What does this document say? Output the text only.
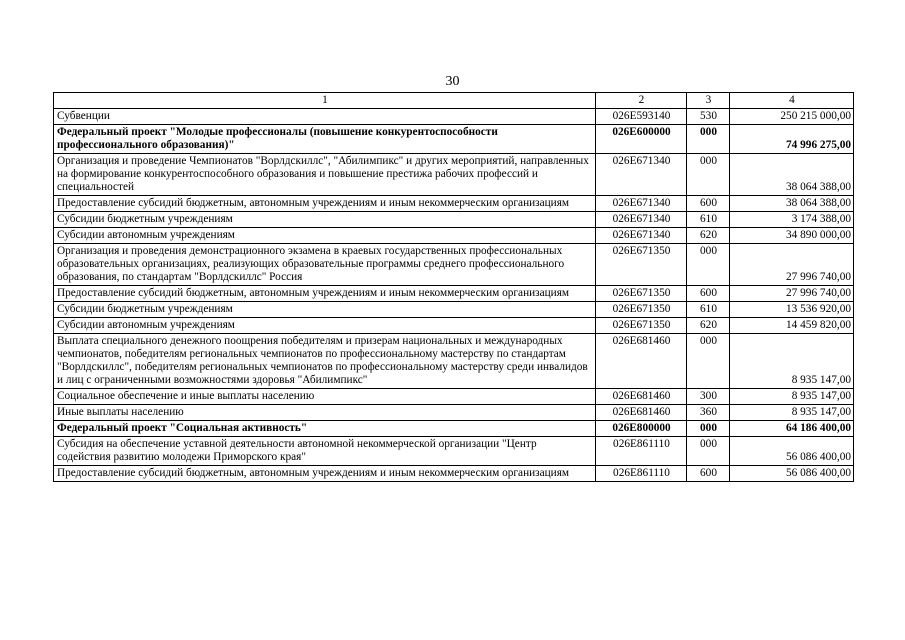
30
1	2	3	4
Субвенции	026E593140	530	250 215 000,00
Федеральный проект "Молодые профессионалы (повышение конкурентоспособности профессионального образования)"	026E600000	000	74 996 275,00
Организация и проведение Чемпионатов "Ворлдскиллс", "Абилимпикс" и других мероприятий, направленных на формирование конкурентоспособного образования и повышение престижа рабочих профессий и специальностей	026E671340	000	38 064 388,00
Предоставление субсидий бюджетным, автономным учреждениям и иным некоммерческим организациям	026E671340	600	38 064 388,00
Субсидии бюджетным учреждениям	026E671340	610	3 174 388,00
Субсидии автономным учреждениям	026E671340	620	34 890 000,00
Организация и проведения демонстрационного экзамена в краевых государственных профессиональных образовательных организациях, реализующих образовательные программы среднего профессионального образования, по стандартам "Ворлдскиллс" Россия	026E671350	000	27 996 740,00
Предоставление субсидий бюджетным, автономным учреждениям и иным некоммерческим организациям	026E671350	600	27 996 740,00
Субсидии бюджетным учреждениям	026E671350	610	13 536 920,00
Субсидии автономным учреждениям	026E671350	620	14 459 820,00
Выплата специального денежного поощрения победителям и призерам национальных и международных чемпионатов, победителям региональных чемпионатов по профессиональному мастерству по стандартам "Ворлдскиллс", победителям региональных чемпионатов по профессиональному мастерству среди инвалидов и лиц с ограниченными возможностями здоровья "Абилимпикс"	026E681460	000	8 935 147,00
Социальное обеспечение и иные выплаты населению	026E681460	300	8 935 147,00
Иные выплаты населению	026E681460	360	8 935 147,00
Федеральный проект "Социальная активность"	026E800000	000	64 186 400,00
Субсидия на обеспечение уставной деятельности автономной некоммерческой организации "Центр содействия развитию молодежи Приморского края"	026E861110	000	56 086 400,00
Предоставление субсидий бюджетным, автономным учреждениям и иным некоммерческим организациям	026E861110	600	56 086 400,00
